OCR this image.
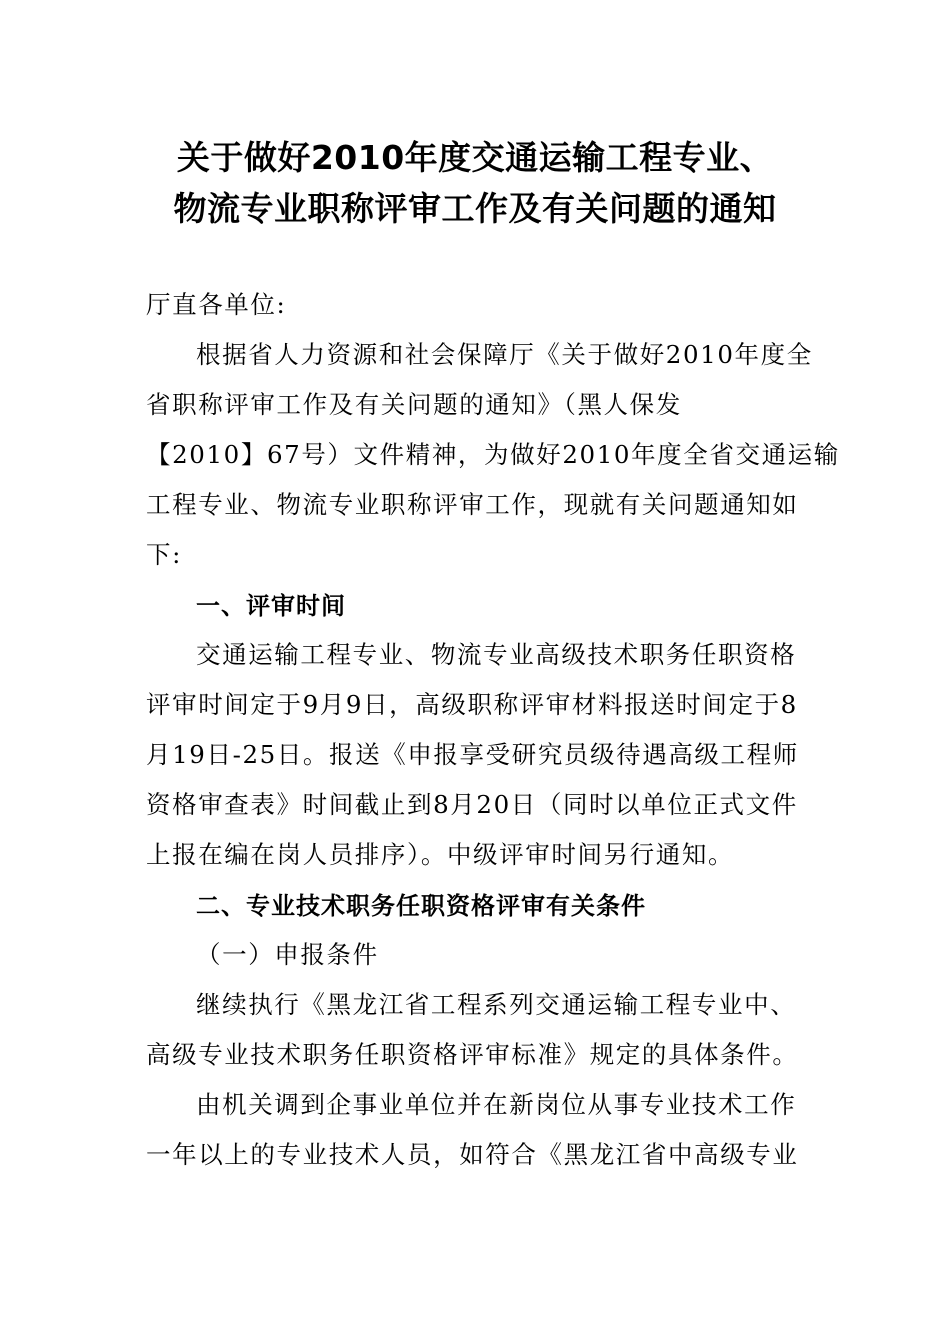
关于做好2010年度交通运输工程专业、
物流专业职称评审工作及有关问题的通知
厅直各单位:
根据省人力资源和社会保障厅《关于做好2010年度全
省职称评审工作及有关问题的通知》（黑人保发
【2010】67号）文件精神，为做好2010年度全省交通运输
工程专业、物流专业职称评审工作，现就有关问题通知如
下:
一、评审时间
交通运输工程专业、物流专业高级技术职务任职资格
评审时间定于9月9日，高级职称评审材料报送时间定于8
月19日-25日。报送《申报享受研究员级待遇高级工程师
资格审查表》时间截止到8月20日（同时以单位正式文件
上报在编在岗人员排序）。中级评审时间另行通知。
二、专业技术职务任职资格评审有关条件
（一）申报条件
继续执行《黑龙江省工程系列交通运输工程专业中、
高级专业技术职务任职资格评审标准》规定的具体条件。
由机关调到企事业单位并在新岗位从事专业技术工作
一年以上的专业技术人员，如符合《黑龙江省中高级专业
